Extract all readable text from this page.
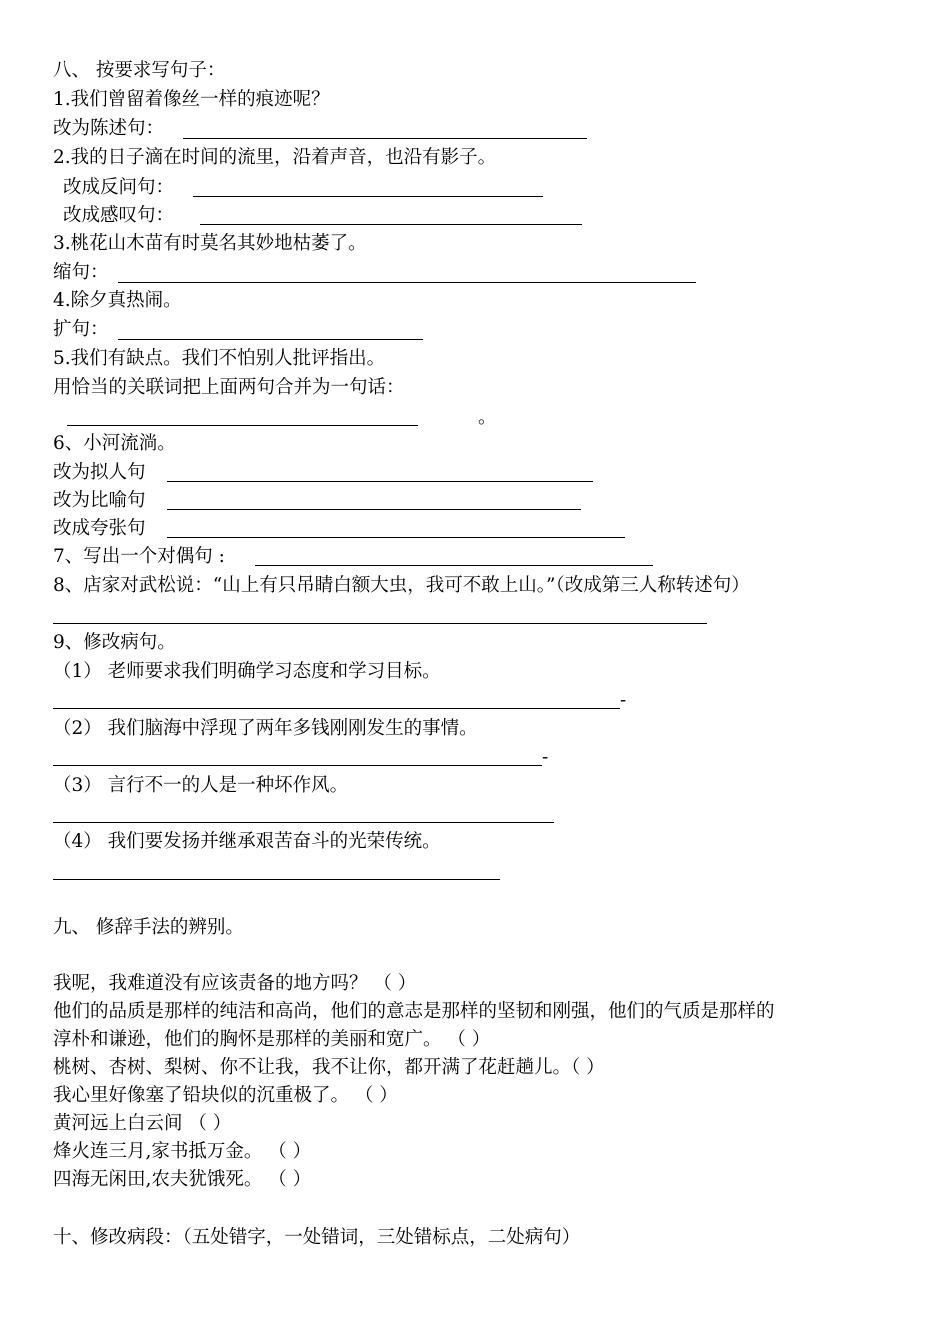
八、 按要求写句子：
1.我们曾留着像丝一样的痕迹呢？
改为陈述句：
2.我的日子滴在时间的流里，沿着声音，也沿有影子。
改成反问句：
改成感叹句：
3.桃花山木苗有时莫名其妙地枯萎了。
缩句：
4.除夕真热闹。
扩句：
5.我们有缺点。我们不怕别人批评指出。
用恰当的关联词把上面两句合并为一句话：
。
6、小河流淌。
改为拟人句
改为比喻句
改成夸张句
7、写出一个对偶句 :
8、店家对武松说：“山上有只吊睛白额大虫，我可不敢上山。”（改成第三人称转述句）
9、修改病句。
（1） 老师要求我们明确学习态度和学习目标。
-
（2） 我们脑海中浮现了两年多钱刚刚发生的事情。
-
（3） 言行不一的人是一种坏作风。
（4） 我们要发扬并继承艰苦奋斗的光荣传统。
九、 修辞手法的辨别。
我呢，我难道没有应该责备的地方吗？ （ ）
他们的品质是那样的纯洁和高尚，他们的意志是那样的坚韧和刚强，他们的气质是那样的
淳朴和谦逊，他们的胸怀是那样的美丽和宽广。 （ ）
桃树、杏树、梨树、你不让我，我不让你，都开满了花赶趟儿。（ ）
我心里好像塞了铅块似的沉重极了。 （ ）
黄河远上白云间 （ ）
烽火连三月,家书抵万金。 （ ）
四海无闲田,农夫犹饿死。 （ ）
十、修改病段：（五处错字，一处错词，三处错标点，二处病句）
